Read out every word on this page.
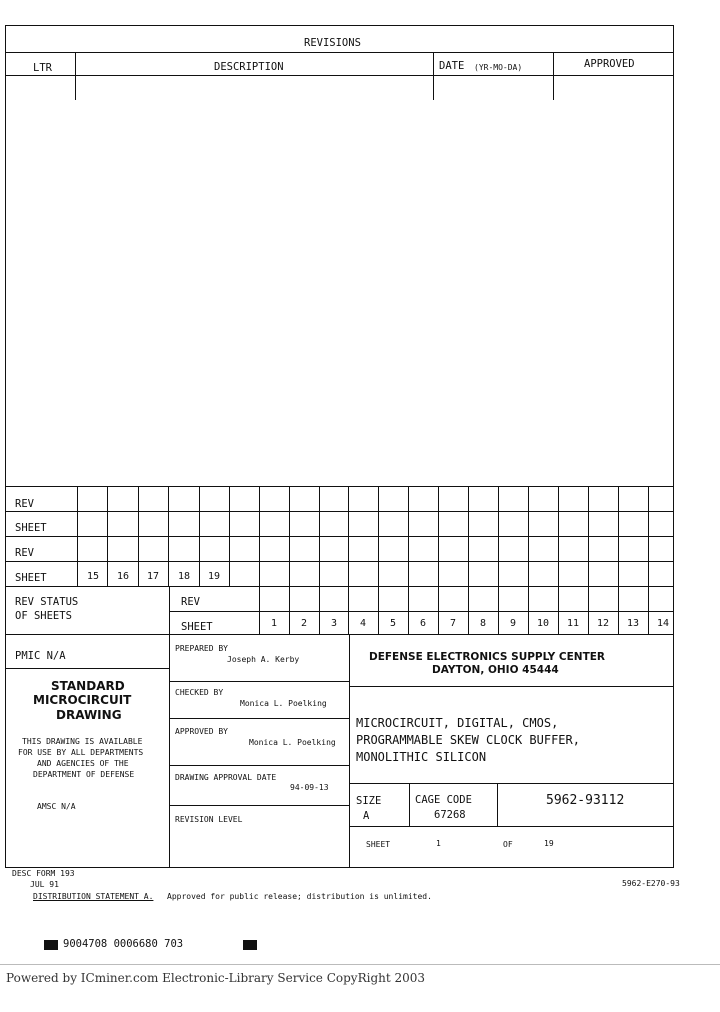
REVISIONS
LTR	DESCRIPTION	DATE (YR-MO-DA)	APPROVED
REV
SHEET
REV
SHEET	15	16	17	18	19
REV STATUS
OF SHEETS
REV
SHEET	1	2	3	4	5	6	7	8	9	10	11	12	13	14
PMIC N/A
STANDARD
MICROCIRCUIT
DRAWING
THIS DRAWING IS AVAILABLE
FOR USE BY ALL DEPARTMENTS
AND AGENCIES OF THE
DEPARTMENT OF DEFENSE
AMSC N/A
PREPARED BY
Joseph A. Kerby
CHECKED BY
Monica L. Poelking
APPROVED BY
Monica L. Poelking
DRAWING APPROVAL DATE
94-09-13
REVISION LEVEL
DEFENSE ELECTRONICS SUPPLY CENTER
DAYTON, OHIO 45444
MICROCIRCUIT, DIGITAL, CMOS,
PROGRAMMABLE SKEW CLOCK BUFFER,
MONOLITHIC SILICON
SIZE
A
CAGE CODE
67268
5962-93112
SHEET	1	OF	19
DESC FORM 193
JUL 91	5962-E270-93
DISTRIBUTION STATEMENT A. Approved for public release; distribution is unlimited.
9004708 0006680 703
Powered by ICminer.com Electronic-Library Service CopyRight 2003
